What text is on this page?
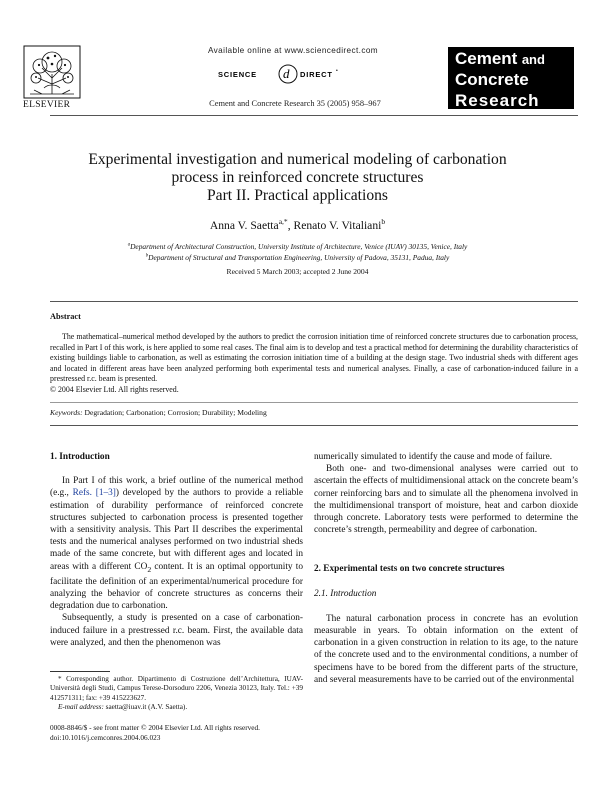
ELSEVIER
Available online at www.sciencedirect.com
SCIENCE d DIRECT •
Cement and Concrete Research 35 (2005) 958–967
Cement and
Concrete
Research
Experimental investigation and numerical modeling of carbonation
process in reinforced concrete structures
Part II. Practical applications
Anna V. Saetta$^{a,*}$, Renato V. Vitaliani$^b$
$^a$Department of Architectural Construction, University Institute of Architecture, Venice (IUAV) 30135, Venice, Italy
$^b$Department of Structural and Transportation Engineering, University of Padova, 35131, Padua, Italy
Received 5 March 2003; accepted 2 June 2004
Abstract

The mathematical–numerical method developed by the authors to predict the corrosion initiation time of reinforced concrete structures due to carbonation process, recalled in Part I of this work, is here applied to some real cases. The final aim is to develop and test a practical method for determining the durability characteristics of existing buildings liable to carbonation, as well as estimating the corrosion initiation time of a building at the design stage. Two industrial sheds with different ages and located in different areas have been analyzed performing both experimental tests and numerical analyses. Finally, a case of carbonation-induced failure in a prestressed r.c. beam is presented.

© 2004 Elsevier Ltd. All rights reserved.
Keywords: Degradation; Carbonation; Corrosion; Durability; Modeling
1. Introduction

In Part I of this work, a brief outline of the numerical method (e.g., Refs. [1–3]) developed by the authors to provide a reliable estimation of durability performance of reinforced concrete structures subjected to carbonation process is presented together with a sensitivity analysis. This Part II describes the experimental tests and the numerical analyses performed on two industrial sheds made of the same concrete, but with different ages and located in areas with a different $CO_2$ content. It is an optimal opportunity to facilitate the definition of an experimental/numerical procedure for analyzing the behavior of concrete structures as concerns their degradation due to carbonation.

Subsequently, a study is presented on a case of carbonation-induced failure in a prestressed r.c. beam. First, the available data were analyzed, and then the phenomenon was

numerically simulated to identify the cause and mode of failure.

Both one- and two-dimensional analyses were carried out to ascertain the effects of multidimensional attack on the concrete beam’s corner reinforcing bars and to simulate all the phenomena involved in the multidimensional transport of moisture, heat and carbon dioxide through concrete. Laboratory tests were performed to determine the concrete’s strength, permeability and degree of carbonation.

2. Experimental tests on two concrete structures
2.1. Introduction

The natural carbonation process in concrete has an evolution measurable in years. To obtain information on the extent of carbonation in a given construction in relation to its age, to the nature of the concrete used and to the environmental conditions, a number of specimens have to be bored from the different parts of the structure, and several measurements have to be carried out of the environmental

* Corresponding author. Dipartimento di Costruzione dell’Architettura, IUAV-Università degli Studi, Campus Terese-Dorsoduro 2206, Venezia 30123, Italy. Tel.: +39 412571311; fax: +39 415223627.

E-mail address: saetta@iuav.it (A.V. Saetta).

0008-8846/$ - see front matter © 2004 Elsevier Ltd. All rights reserved.
doi:10.1016/j.cemconres.2004.06.023
